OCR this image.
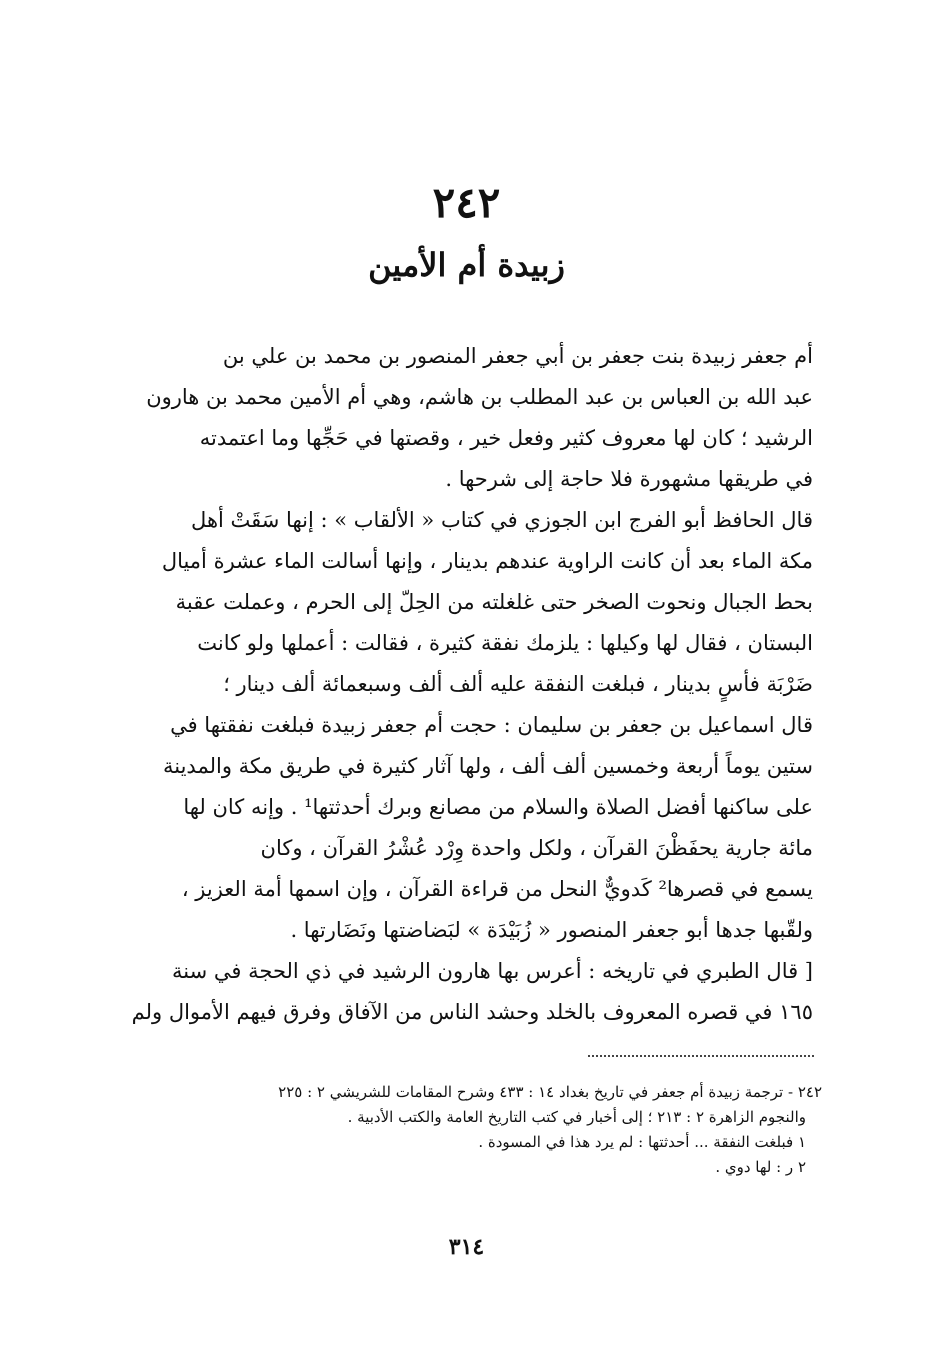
٢٤٢
زبيدة أم الأمين

أم جعفر زبيدة بنت جعفر بن أبي جعفر المنصور بن محمد بن علي بن
عبد الله بن العباس بن عبد المطلب بن هاشم، وهي أم الأمين محمد بن هارون
الرشيد ؛ كان لها معروف كثير وفعل خير ، وقصتها في حَجِّها وما اعتمدته
في طريقها مشهورة فلا حاجة إلى شرحها .

قال الحافظ أبو الفرج ابن الجوزي في كتاب « الألقاب » : إنها سَقَتْ أهل
مكة الماء بعد أن كانت الراوية عندهم بدينار ، وإنها أسالت الماء عشرة أميال
بحط الجبال ونحوت الصخر حتى غلغلته من الحِلّ إلى الحرم ، وعملت عقبة
البستان ، فقال لها وكيلها : يلزمك نفقة كثيرة ، فقالت : أعملها ولو كانت
ضَرْبَة فأسٍ بدينار ، فبلغت النفقة عليه ألف ألف وسبعمائة ألف دينار ؛

قال اسماعيل بن جعفر بن سليمان : حجت أم جعفر زبيدة فبلغت نفقتها في
ستين يوماً أربعة وخمسين ألف ألف ، ولها آثار كثيرة في طريق مكة والمدينة
على ساكنها أفضل الصلاة والسلام من مصانع وبرك أحدثتها¹ . وإنه كان لها
مائة جارية يحفَظْنَ القرآن ، ولكل واحدة وِرْد عُشْرُ القرآن ، وكان
يسمع في قصرها² كَدويٌّ النحل من قراءة القرآن ، وإن اسمها أمة العزيز ،
ولقّبها جدها أبو جعفر المنصور « زُبَيْدَة » لبَضاضتها ونَضَارتها .

[ قال الطبري في تاريخه : أعرس بها هارون الرشيد في ذي الحجة في سنة
١٦٥ في قصره المعروف بالخلد وحشد الناس من الآفاق وفرق فيهم الأموال ولم

٢٤٢ - ترجمة زبيدة أم جعفر في تاريخ بغداد ١٤ : ٤٣٣ وشرح المقامات للشريشي ٢ : ٢٢٥
والنجوم الزاهرة ٢ : ٢١٣ ؛ إلى أخبار في كتب التاريخ العامة والكتب الأدبية .
١ فبلغت النفقة ... أحدثتها : لم يرد هذا في المسودة .
٢ ر : لها دوي .
٣١٤
